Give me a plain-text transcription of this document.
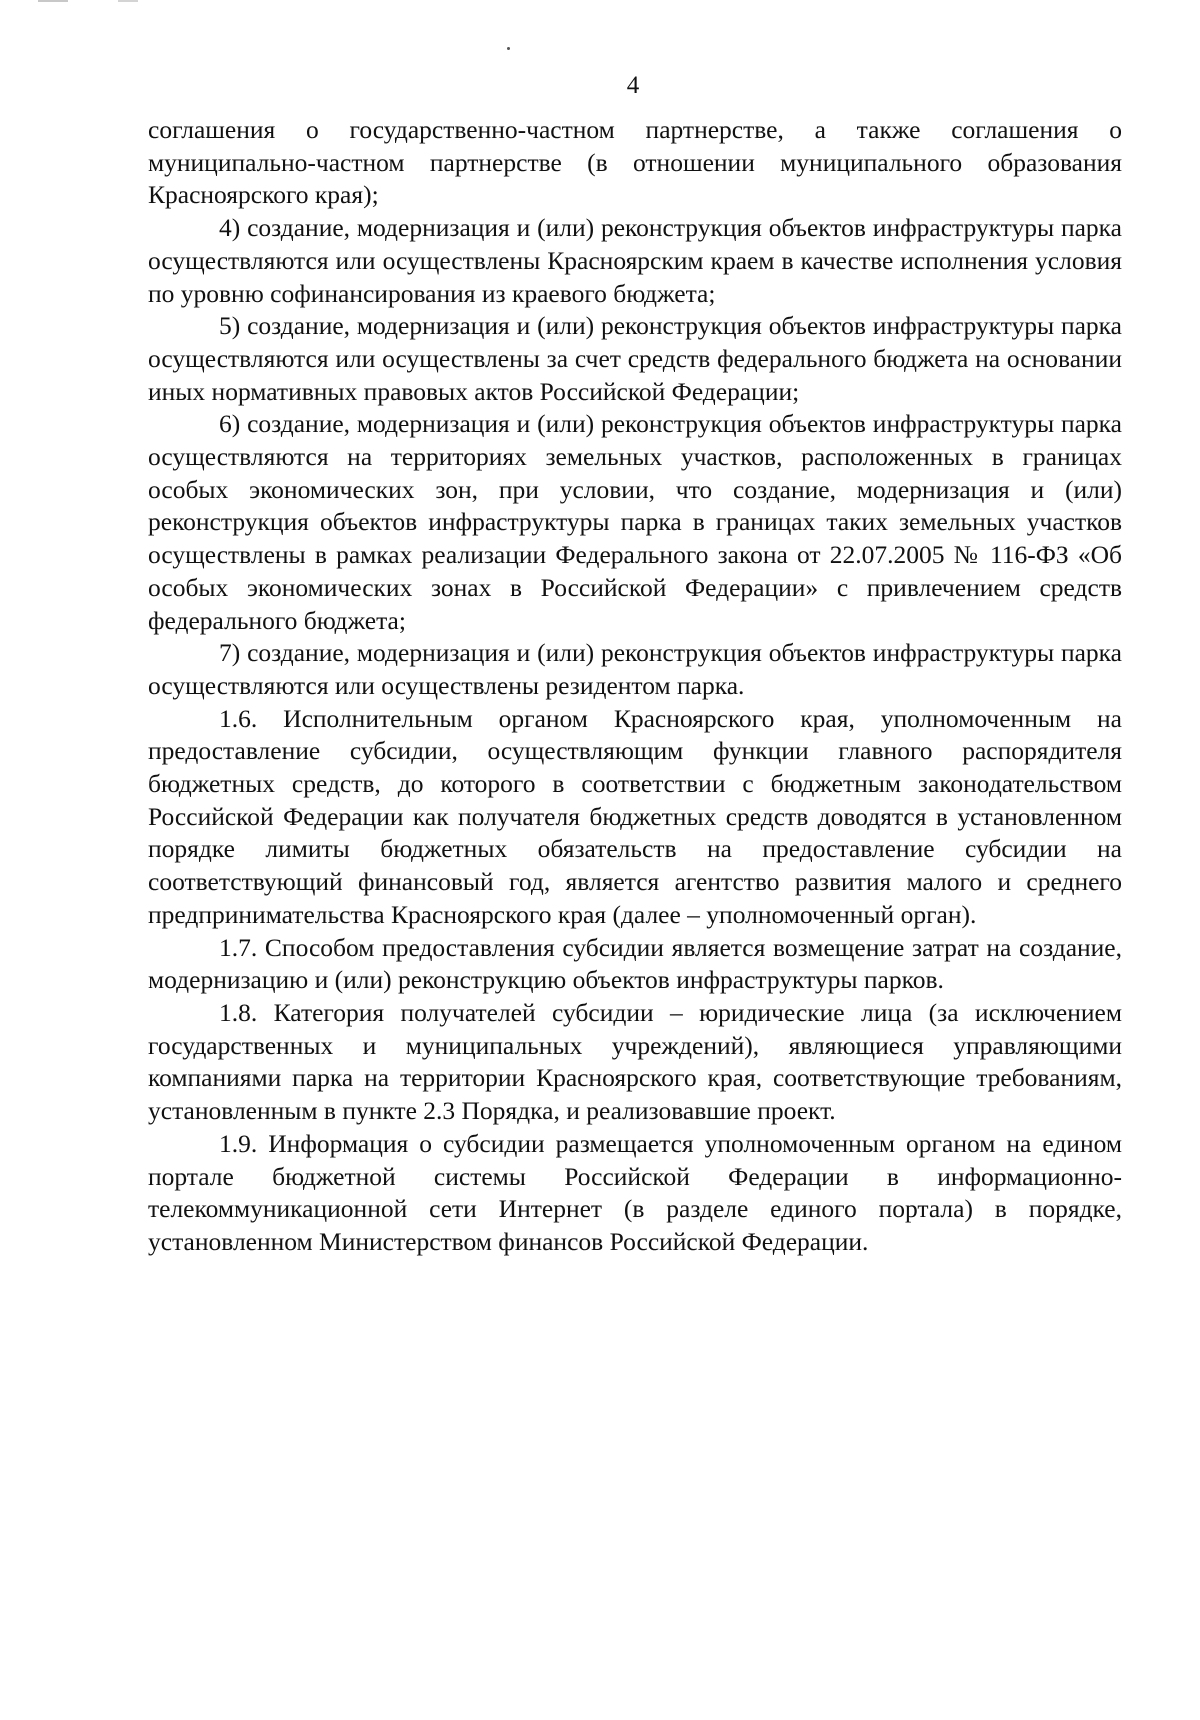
4

соглашения о государственно-частном партнерстве, а также соглашения о муниципально-частном партнерстве (в отношении муниципального образования Красноярского края);

4) создание, модернизация и (или) реконструкция объектов инфраструктуры парка осуществляются или осуществлены Красноярским краем в качестве исполнения условия по уровню софинансирования из краевого бюджета;

5) создание, модернизация и (или) реконструкция объектов инфраструктуры парка осуществляются или осуществлены за счет средств федерального бюджета на основании иных нормативных правовых актов Российской Федерации;

6) создание, модернизация и (или) реконструкция объектов инфраструктуры парка осуществляются на территориях земельных участков, расположенных в границах особых экономических зон, при условии, что создание, модернизация и (или) реконструкция объектов инфраструктуры парка в границах таких земельных участков осуществлены в рамках реализации Федерального закона от 22.07.2005 № 116-ФЗ «Об особых экономических зонах в Российской Федерации» с привлечением средств федерального бюджета;

7) создание, модернизация и (или) реконструкция объектов инфраструктуры парка осуществляются или осуществлены резидентом парка.

1.6. Исполнительным органом Красноярского края, уполномоченным на предоставление субсидии, осуществляющим функции главного распорядителя бюджетных средств, до которого в соответствии с бюджетным законодательством Российской Федерации как получателя бюджетных средств доводятся в установленном порядке лимиты бюджетных обязательств на предоставление субсидии на соответствующий финансовый год, является агентство развития малого и среднего предпринимательства Красноярского края (далее – уполномоченный орган).

1.7. Способом предоставления субсидии является возмещение затрат на создание, модернизацию и (или) реконструкцию объектов инфраструктуры парков.

1.8. Категория получателей субсидии – юридические лица (за исключением государственных и муниципальных учреждений), являющиеся управляющими компаниями парка на территории Красноярского края, соответствующие требованиям, установленным в пункте 2.3 Порядка, и реализовавшие проект.

1.9. Информация о субсидии размещается уполномоченным органом на едином портале бюджетной системы Российской Федерации в информационно-телекоммуникационной сети Интернет (в разделе единого портала) в порядке, установленном Министерством финансов Российской Федерации.
